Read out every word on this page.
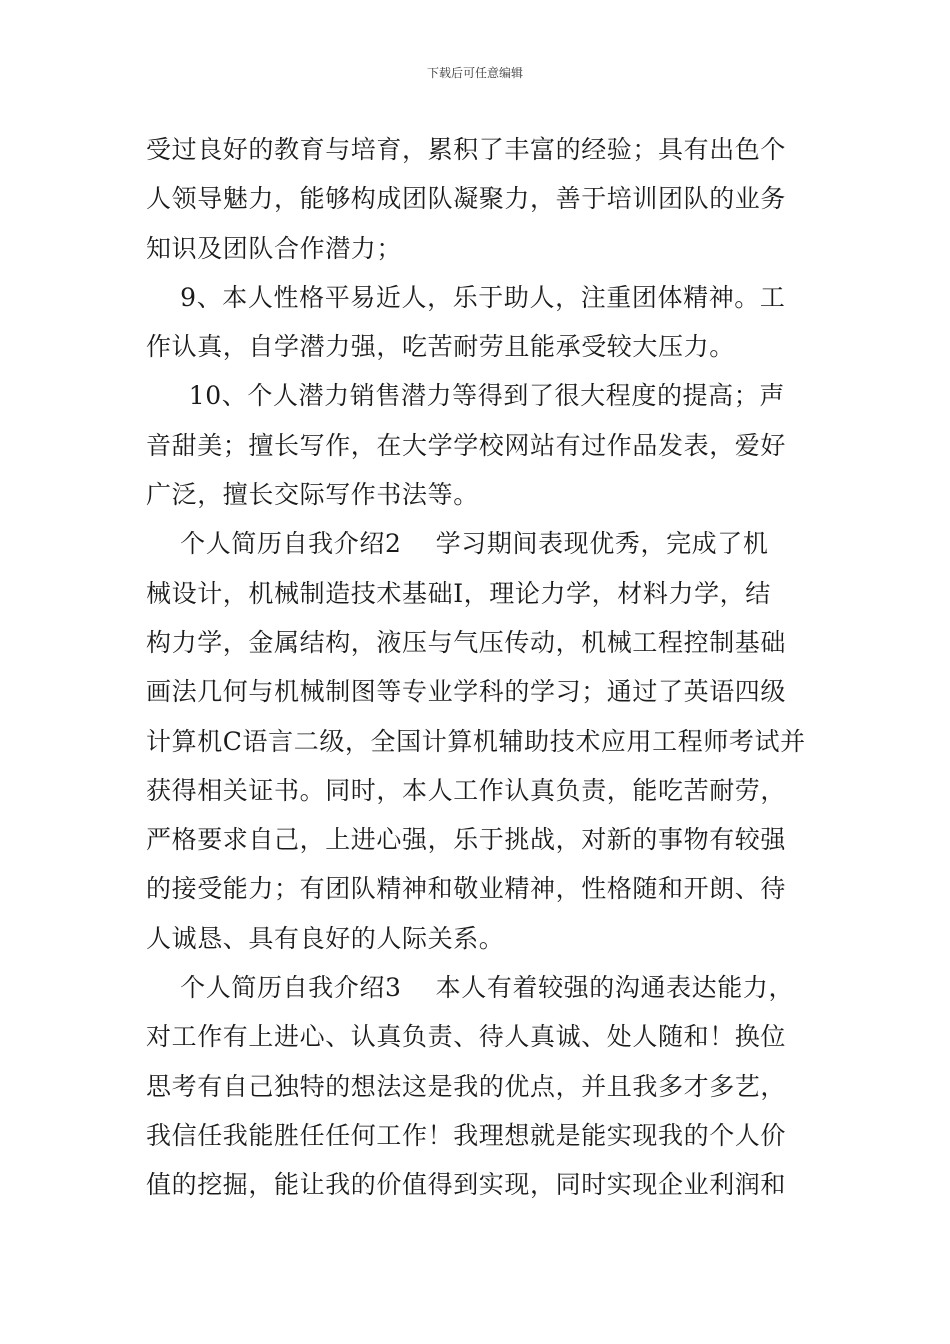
下载后可任意编辑
受过良好的教育与培育，累积了丰富的经验；具有出色个
人领导魅力，能够构成团队凝聚力，善于培训团队的业务
知识及团队合作潜力；
9、本人性格平易近人，乐于助人，注重团体精神。工
作认真，自学潜力强，吃苦耐劳且能承受较大压力。
10、个人潜力销售潜力等得到了很大程度的提高；声
音甜美；擅长写作，在大学学校网站有过作品发表，爱好
广泛，擅长交际写作书法等。
个人简历自我介绍2    学习期间表现优秀，完成了机
械设计，机械制造技术基础Ⅰ，理论力学，材料力学，结
构力学，金属结构，液压与气压传动，机械工程控制基础
画法几何与机械制图等专业学科的学习；通过了英语四级
计算机C语言二级，全国计算机辅助技术应用工程师考试并
获得相关证书。同时，本人工作认真负责，能吃苦耐劳，
严格要求自己，上进心强，乐于挑战，对新的事物有较强
的接受能力；有团队精神和敬业精神，性格随和开朗、待
人诚恳、具有良好的人际关系。
个人简历自我介绍3    本人有着较强的沟通表达能力，
对工作有上进心、认真负责、待人真诚、处人随和！换位
思考有自己独特的想法这是我的优点，并且我多才多艺，
我信任我能胜任任何工作！我理想就是能实现我的个人价
值的挖掘，能让我的价值得到实现，同时实现企业利润和
